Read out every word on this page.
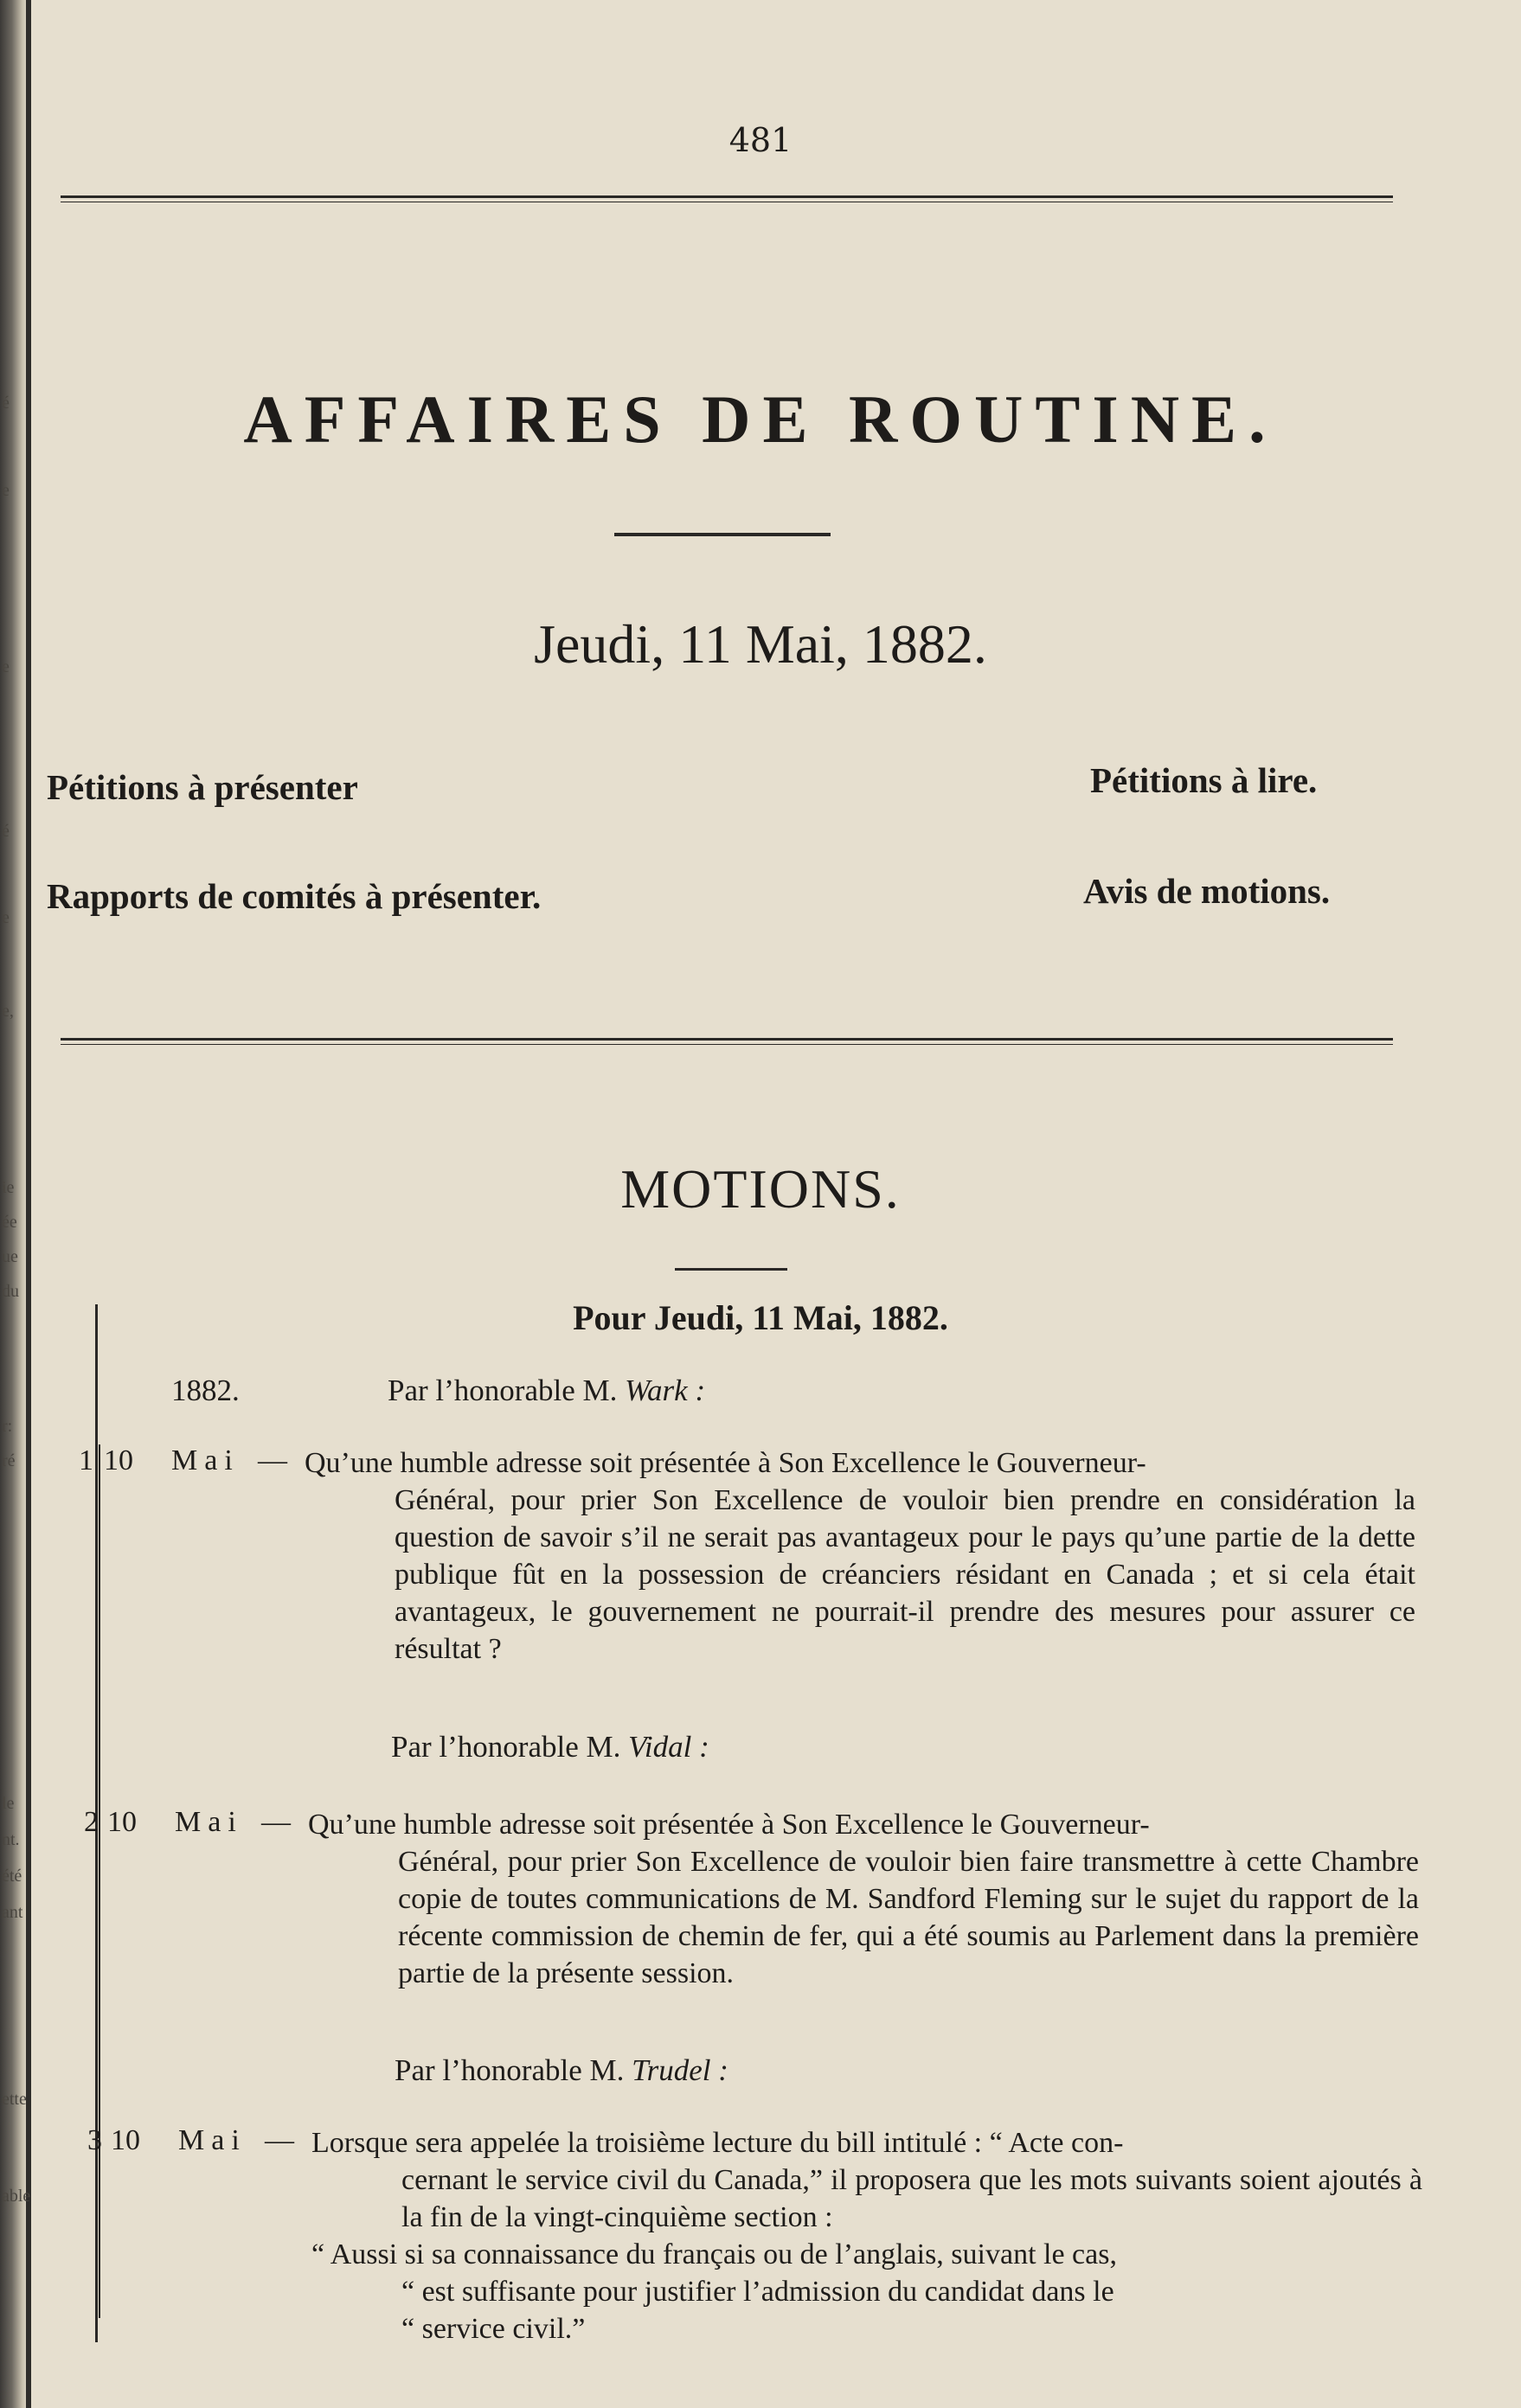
é
e
e
é
e
e,
ie
ée
ue
du
r:
ré
le
nt.
été
ant
ette
able
481
AFFAIRES DE ROUTINE.
Jeudi, 11 Mai, 1882.
Pétitions à présenter	Pétitions à lire.
Rapports de comités à présenter.	Avis de motions.
MOTIONS.
Pour Jeudi, 11 Mai, 1882.
1882.	Par l’honorable M. Wark :
1 10 Mai — Qu’une humble adresse soit présentée à Son Excellence le Gouverneur-
Général, pour prier Son Excellence de vouloir bien prendre en considération la question de savoir s’il ne serait pas avantageux pour le pays qu’une partie de la dette publique fût en la possession de créanciers résidant en Canada ; et si cela était avantageux, le gouvernement ne pourrait-il prendre des mesures pour assurer ce résultat ?
Par l’honorable M. Vidal :
2 10 Mai — Qu’une humble adresse soit présentée à Son Excellence le Gouverneur-
Général, pour prier Son Excellence de vouloir bien faire transmettre à cette Chambre copie de toutes communications de M. Sandford Fleming sur le sujet du rapport de la récente commission de chemin de fer, qui a été soumis au Parlement dans la première partie de la présente session.
Par l’honorable M. Trudel :
3 10 Mai — Lorsque sera appelée la troisième lecture du bill intitulé : “ Acte con-
cernant le service civil du Canada,” il proposera que les mots suivants soient ajoutés à la fin de la vingt-cinquième section :
“ Aussi si sa connaissance du français ou de l’anglais, suivant le cas,
“ est suffisante pour justifier l’admission du candidat dans le
“ service civil.”
